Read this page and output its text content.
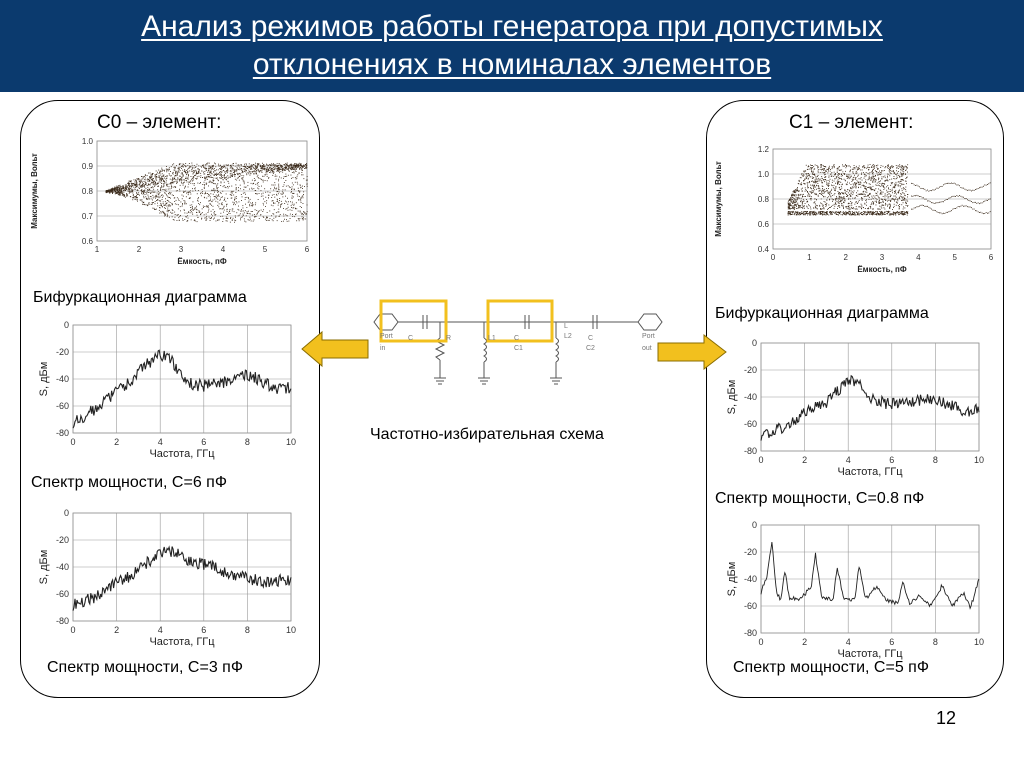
Анализ режимов работы генератора при допустимых
отклонениях в номиналах элементов
С0 – элемент:
0.6
0.7
0.8
0.9
1.0
1	2	3	4	5	6
Ёмкость, пФ
Максимумы, Вольт
Бифуркационная диаграмма
0
-20
-40
-60
-80
0	2	4	6	8	10
Частота, ГГц
S, дБм
Спектр мощности, С=6 пФ
0
-20
-40
-60
-80
0	2	4	6	8	10
Частота, ГГц
S, дБм
Спектр мощности, С=3 пФ
С1 – элемент:
0.4
0.6
0.8
1.0
1.2
0	1	2	3	4	5	6
Ёмкость, пФ
Максимумы, Вольт
Бифуркационная диаграмма
0
-20
-40
-60
-80
0	2	4	6	8	10
Частота, ГГц
S, дБм
Спектр мощности, С=0.8 пФ
0
-20
-40
-60
-80
0	2	4	6	8	10
Частота, ГГц
S, дБм
Спектр мощности, С=5 пФ
Port
in
Port
out
C	R	L1	C
C1
L
L2 C
C2
Частотно-избирательная схема
12
